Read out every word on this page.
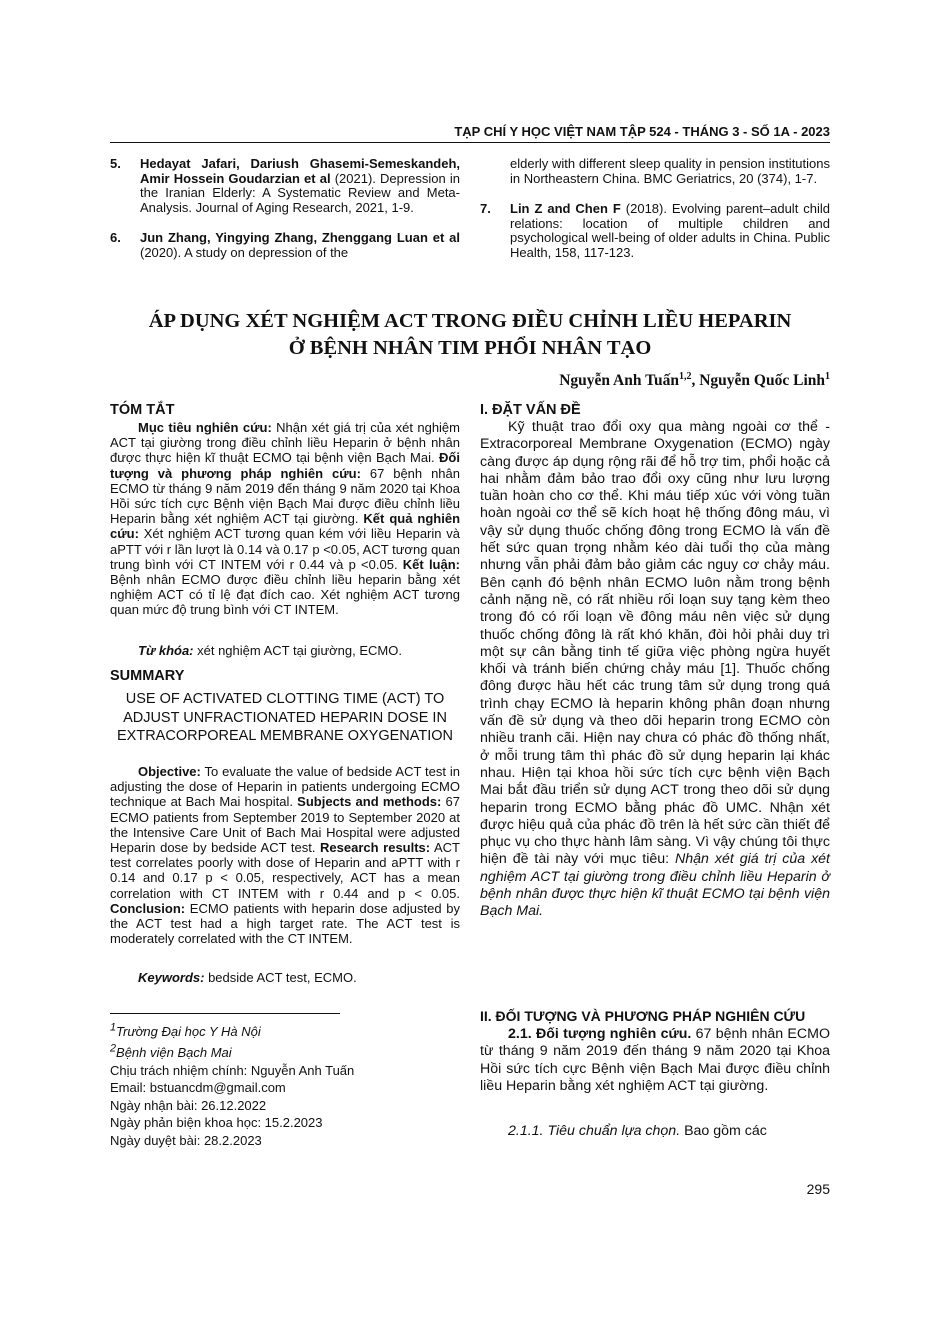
TẠP CHÍ Y HỌC VIỆT NAM TẬP 524 - THÁNG 3 - SỐ 1A - 2023
5. Hedayat Jafari, Dariush Ghasemi-Semeskandeh, Amir Hossein Goudarzian et al (2021). Depression in the Iranian Elderly: A Systematic Review and Meta-Analysis. Journal of Aging Research, 2021, 1-9.
6. Jun Zhang, Yingying Zhang, Zhenggang Luan et al (2020). A study on depression of the
elderly with different sleep quality in pension institutions in Northeastern China. BMC Geriatrics, 20 (374), 1-7.
7. Lin Z and Chen F (2018). Evolving parent–adult child relations: location of multiple children and psychological well-being of older adults in China. Public Health, 158, 117-123.
ÁP DỤNG XÉT NGHIỆM ACT TRONG ĐIỀU CHỈNH LIỀU HEPARIN
Ở BỆNH NHÂN TIM PHỔI NHÂN TẠO
Nguyễn Anh Tuấn$^{1,2}$, Nguyễn Quốc Linh$^1$
TÓM TẮT

Mục tiêu nghiên cứu: Nhận xét giá trị của xét nghiệm ACT tại giường trong điều chỉnh liều Heparin ở bệnh nhân được thực hiện kĩ thuật ECMO tại bệnh viện Bạch Mai. Đối tượng và phương pháp nghiên cứu: 67 bệnh nhân ECMO từ tháng 9 năm 2019 đến tháng 9 năm 2020 tại Khoa Hồi sức tích cực Bệnh viện Bạch Mai được điều chỉnh liều Heparin bằng xét nghiệm ACT tại giường. Kết quả nghiên cứu: Xét nghiệm ACT tương quan kém với liều Heparin và aPTT với r lần lượt là 0.14 và 0.17 p <0.05, ACT tương quan trung bình với CT INTEM với r 0.44 và p <0.05. Kết luận: Bệnh nhân ECMO được điều chỉnh liều heparin bằng xét nghiệm ACT có tỉ lệ đạt đích cao. Xét nghiệm ACT tương quan mức độ trung bình với CT INTEM.

Từ khóa: xét nghiệm ACT tại giường, ECMO.

SUMMARY
USE OF ACTIVATED CLOTTING TIME (ACT) TO ADJUST UNFRACTIONATED HEPARIN DOSE IN EXTRACORPOREAL MEMBRANE OXYGENATION

Objective: To evaluate the value of bedside ACT test in adjusting the dose of Heparin in patients undergoing ECMO technique at Bach Mai hospital. Subjects and methods: 67 ECMO patients from September 2019 to September 2020 at the Intensive Care Unit of Bach Mai Hospital were adjusted Heparin dose by bedside ACT test. Research results: ACT test correlates poorly with dose of Heparin and aPTT with r 0.14 and 0.17 p < 0.05, respectively, ACT has a mean correlation with CT INTEM with r 0.44 and p < 0.05. Conclusion: ECMO patients with heparin dose adjusted by the ACT test had a high target rate. The ACT test is moderately correlated with the CT INTEM.

Keywords: bedside ACT test, ECMO.

$^1$Trường Đại học Y Hà Nội
$^2$Bệnh viện Bạch Mai
Chịu trách nhiệm chính: Nguyễn Anh Tuấn
Email: bstuancdm@gmail.com
Ngày nhận bài: 26.12.2022
Ngày phản biện khoa học: 15.2.2023
Ngày duyệt bài: 28.2.2023
I. ĐẶT VẤN ĐỀ

Kỹ thuật trao đổi oxy qua màng ngoài cơ thể - Extracorporeal Membrane Oxygenation (ECMO) ngày càng được áp dụng rộng rãi để hỗ trợ tim, phổi hoặc cả hai nhằm đảm bảo trao đổi oxy cũng như lưu lượng tuần hoàn cho cơ thể. Khi máu tiếp xúc với vòng tuần hoàn ngoài cơ thể sẽ kích hoạt hệ thống đông máu, vì vậy sử dụng thuốc chống đông trong ECMO là vấn đề hết sức quan trọng nhằm kéo dài tuổi thọ của màng nhưng vẫn phải đảm bảo giảm các nguy cơ chảy máu. Bên cạnh đó bệnh nhân ECMO luôn nằm trong bệnh cảnh nặng nề, có rất nhiều rối loạn suy tạng kèm theo trong đó có rối loạn về đông máu nên việc sử dụng thuốc chống đông là rất khó khăn, đòi hỏi phải duy trì một sự cân bằng tinh tế giữa việc phòng ngừa huyết khối và tránh biến chứng chảy máu [1]. Thuốc chống đông được hầu hết các trung tâm sử dụng trong quá trình chạy ECMO là heparin không phân đoạn nhưng vấn đề sử dụng và theo dõi heparin trong ECMO còn nhiều tranh cãi. Hiện nay chưa có phác đồ thống nhất, ở mỗi trung tâm thì phác đồ sử dụng heparin lại khác nhau. Hiện tại khoa hồi sức tích cực bệnh viện Bạch Mai bắt đầu triển sử dụng ACT trong theo dõi sử dụng heparin trong ECMO bằng phác đồ UMC. Nhận xét được hiệu quả của phác đồ trên là hết sức cần thiết để phục vụ cho thực hành lâm sàng. Vì vậy chúng tôi thực hiện đề tài này với mục tiêu: Nhận xét giá trị của xét nghiệm ACT tại giường trong điều chỉnh liều Heparin ở bệnh nhân được thực hiện kĩ thuật ECMO tại bệnh viện Bạch Mai.

II. ĐỐI TƯỢNG VÀ PHƯƠNG PHÁP NGHIÊN CỨU

2.1. Đối tượng nghiên cứu. 67 bệnh nhân ECMO từ tháng 9 năm 2019 đến tháng 9 năm 2020 tại Khoa Hồi sức tích cực Bệnh viện Bạch Mai được điều chỉnh liều Heparin bằng xét nghiệm ACT tại giường.

2.1.1. Tiêu chuẩn lựa chọn. Bao gồm các

295
